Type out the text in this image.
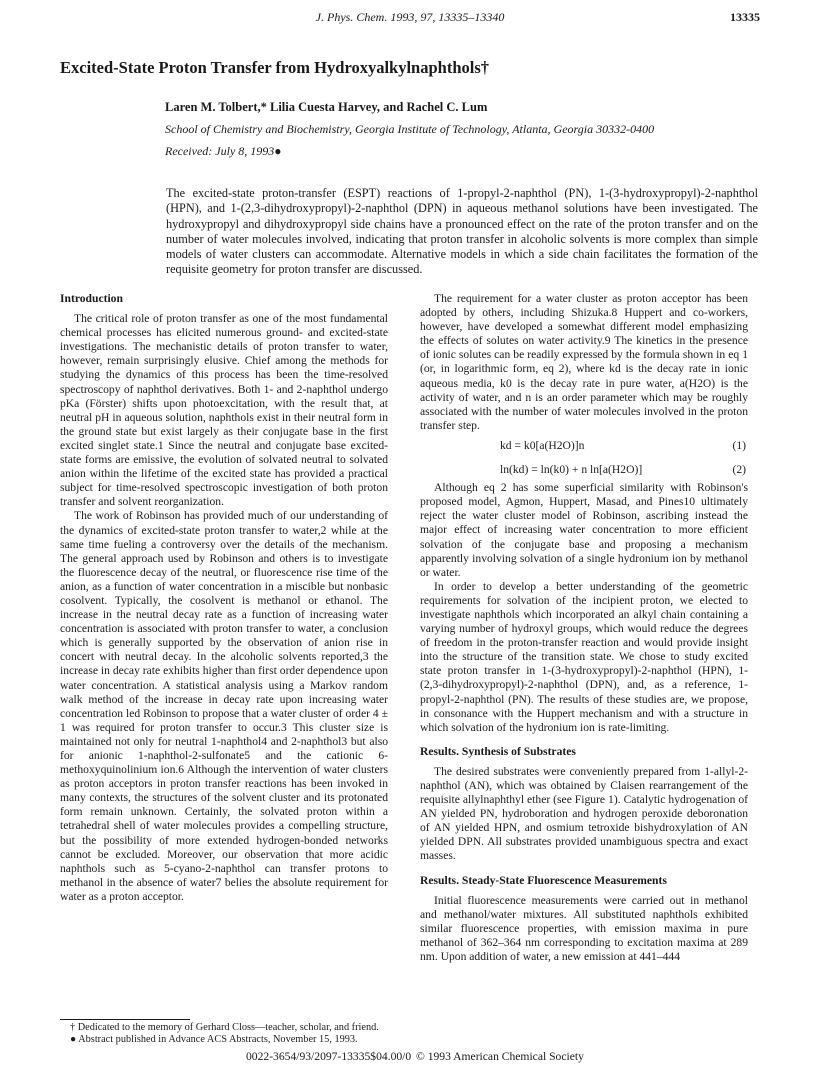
J. Phys. Chem. 1993, 97, 13335–13340	13335
Excited-State Proton Transfer from Hydroxyalkylnaphthols†
Laren M. Tolbert,* Lilia Cuesta Harvey, and Rachel C. Lum
School of Chemistry and Biochemistry, Georgia Institute of Technology, Atlanta, Georgia 30332-0400
Received: July 8, 1993●
The excited-state proton-transfer (ESPT) reactions of 1-propyl-2-naphthol (PN), 1-(3-hydroxypropyl)-2-naphthol (HPN), and 1-(2,3-dihydroxypropyl)-2-naphthol (DPN) in aqueous methanol solutions have been investigated. The hydroxypropyl and dihydroxypropyl side chains have a pronounced effect on the rate of the proton transfer and on the number of water molecules involved, indicating that proton transfer in alcoholic solvents is more complex than simple models of water clusters can accommodate. Alternative models in which a side chain facilitates the formation of the requisite geometry for proton transfer are discussed.
Introduction

The critical role of proton transfer as one of the most fundamental chemical processes has elicited numerous ground- and excited-state investigations. The mechanistic details of proton transfer to water, however, remain surprisingly elusive. Chief among the methods for studying the dynamics of this process has been the time-resolved spectroscopy of naphthol derivatives. Both 1- and 2-naphthol undergo pKa (Förster) shifts upon photoexcitation, with the result that, at neutral pH in aqueous solution, naphthols exist in their neutral form in the ground state but exist largely as their conjugate base in the first excited singlet state.1 Since the neutral and conjugate base excited-state forms are emissive, the evolution of solvated neutral to solvated anion within the lifetime of the excited state has provided a practical subject for time-resolved spectroscopic investigation of both proton transfer and solvent reorganization.

The work of Robinson has provided much of our understanding of the dynamics of excited-state proton transfer to water,2 while at the same time fueling a controversy over the details of the mechanism. The general approach used by Robinson and others is to investigate the fluorescence decay of the neutral, or fluorescence rise time of the anion, as a function of water concentration in a miscible but nonbasic cosolvent. Typically, the cosolvent is methanol or ethanol. The increase in the neutral decay rate as a function of increasing water concentration is associated with proton transfer to water, a conclusion which is generally supported by the observation of anion rise in concert with neutral decay. In the alcoholic solvents reported,3 the increase in decay rate exhibits higher than first order dependence upon water concentration. A statistical analysis using a Markov random walk method of the increase in decay rate upon increasing water concentration led Robinson to propose that a water cluster of order 4 ± 1 was required for proton transfer to occur.3 This cluster size is maintained not only for neutral 1-naphthol4 and 2-naphthol3 but also for anionic 1-naphthol-2-sulfonate5 and the cationic 6-methoxyquinolinium ion.6 Although the intervention of water clusters as proton acceptors in proton transfer reactions has been invoked in many contexts, the structures of the solvent cluster and its protonated form remain unknown. Certainly, the solvated proton within a tetrahedral shell of water molecules provides a compelling structure, but the possibility of more extended hydrogen-bonded networks cannot be excluded. Moreover, our observation that more acidic naphthols such as 5-cyano-2-naphthol can transfer protons to methanol in the absence of water7 belies the absolute requirement for water as a proton acceptor.

The requirement for a water cluster as proton acceptor has been adopted by others, including Shizuka.8 Huppert and co-workers, however, have developed a somewhat different model emphasizing the effects of solutes on water activity.9 The kinetics in the presence of ionic solutes can be readily expressed by the formula shown in eq 1 (or, in logarithmic form, eq 2), where kd is the decay rate in ionic aqueous media, k0 is the decay rate in pure water, a(H2O) is the activity of water, and n is an order parameter which may be roughly associated with the number of water molecules involved in the proton transfer step.

kd = k0[a(H2O)]n	(1)
ln(kd) = ln(k0) + n ln[a(H2O)]	(2)

Although eq 2 has some superficial similarity with Robinson's proposed model, Agmon, Huppert, Masad, and Pines10 ultimately reject the water cluster model of Robinson, ascribing instead the major effect of increasing water concentration to more efficient solvation of the conjugate base and proposing a mechanism apparently involving solvation of a single hydronium ion by methanol or water.

In order to develop a better understanding of the geometric requirements for solvation of the incipient proton, we elected to investigate naphthols which incorporated an alkyl chain containing a varying number of hydroxyl groups, which would reduce the degrees of freedom in the proton-transfer reaction and would provide insight into the structure of the transition state. We chose to study excited state proton transfer in 1-(3-hydroxypropyl)-2-naphthol (HPN), 1-(2,3-dihydroxypropyl)-2-naphthol (DPN), and, as a reference, 1-propyl-2-naphthol (PN). The results of these studies are, we propose, in consonance with the Huppert mechanism and with a structure in which solvation of the hydronium ion is rate-limiting.

Results. Synthesis of Substrates

The desired substrates were conveniently prepared from 1-allyl-2-naphthol (AN), which was obtained by Claisen rearrangement of the requisite allylnaphthyl ether (see Figure 1). Catalytic hydrogenation of AN yielded PN, hydroboration and hydrogen peroxide deboronation of AN yielded HPN, and osmium tetroxide bishydroxylation of AN yielded DPN. All substrates provided unambiguous spectra and exact masses.

Results. Steady-State Fluorescence Measurements

Initial fluorescence measurements were carried out in methanol and methanol/water mixtures. All substituted naphthols exhibited similar fluorescence properties, with emission maxima in pure methanol of 362–364 nm corresponding to excitation maxima at 289 nm. Upon addition of water, a new emission at 441–444

† Dedicated to the memory of Gerhard Closs—teacher, scholar, and friend.
● Abstract published in Advance ACS Abstracts, November 15, 1993.
0022-3654/93/2097-13335$04.00/0 © 1993 American Chemical Society
